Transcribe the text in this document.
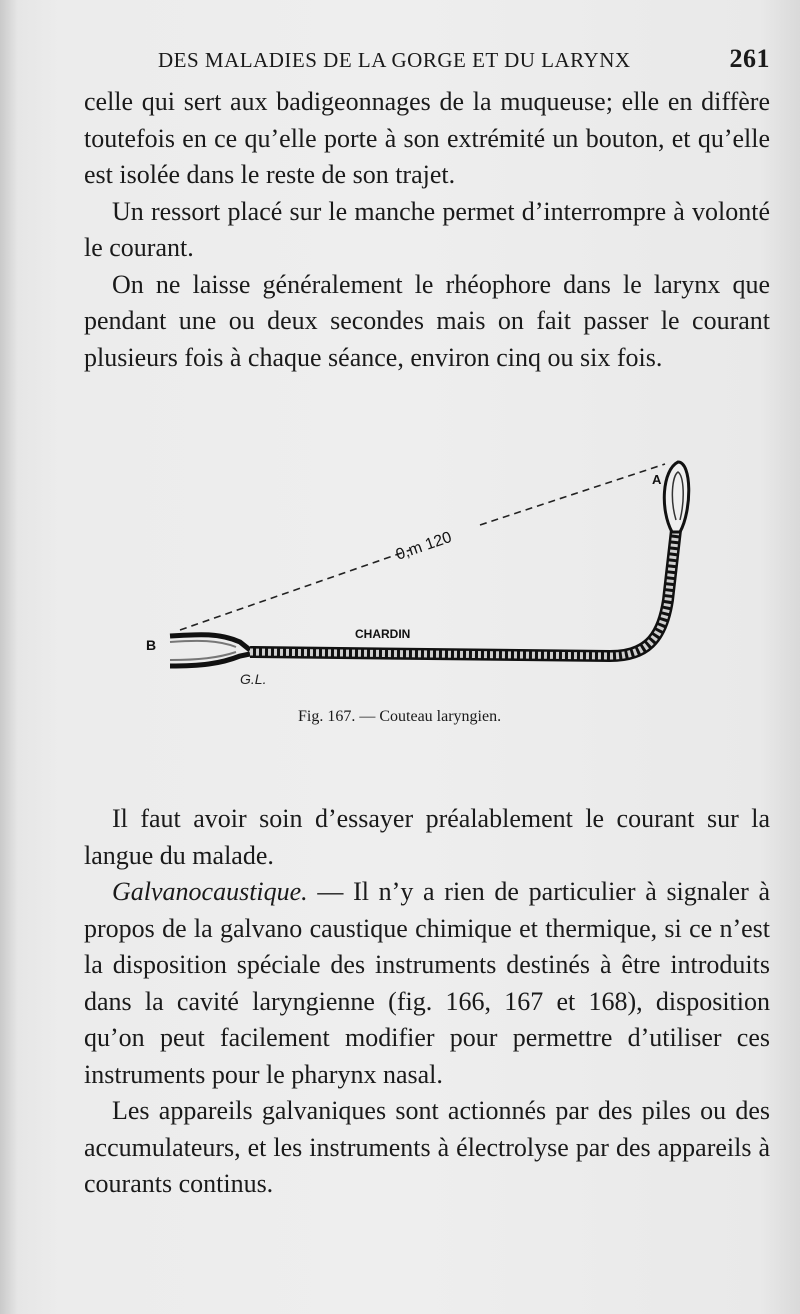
DES MALADIES DE LA GORGE ET DU LARYNX	261

celle qui sert aux badigeonnages de la muqueuse; elle en diffère toutefois en ce qu’elle porte à son extrémité un bouton, et qu’elle est isolée dans le reste de son trajet.

Un ressort placé sur le manche permet d’interrompre à volonté le courant.

On ne laisse généralement le rhéophore dans le larynx que pendant une ou deux secondes mais on fait passer le courant plusieurs fois à chaque séance, environ cinq ou six fois.

A
B
0,m 120
CHARDIN
G.L.
Fig. 167. — Couteau laryngien.

Il faut avoir soin d’essayer préalablement le courant sur la langue du malade.

Galvanocaustique. — Il n’y a rien de particulier à signaler à propos de la galvano caustique chimique et thermique, si ce n’est la disposition spéciale des instruments destinés à être introduits dans la cavité laryngienne (fig. 166, 167 et 168), disposition qu’on peut facilement modifier pour permettre d’utiliser ces instruments pour le pharynx nasal.

Les appareils galvaniques sont actionnés par des piles ou des accumulateurs, et les instruments à électrolyse par des appareils à courants continus.
